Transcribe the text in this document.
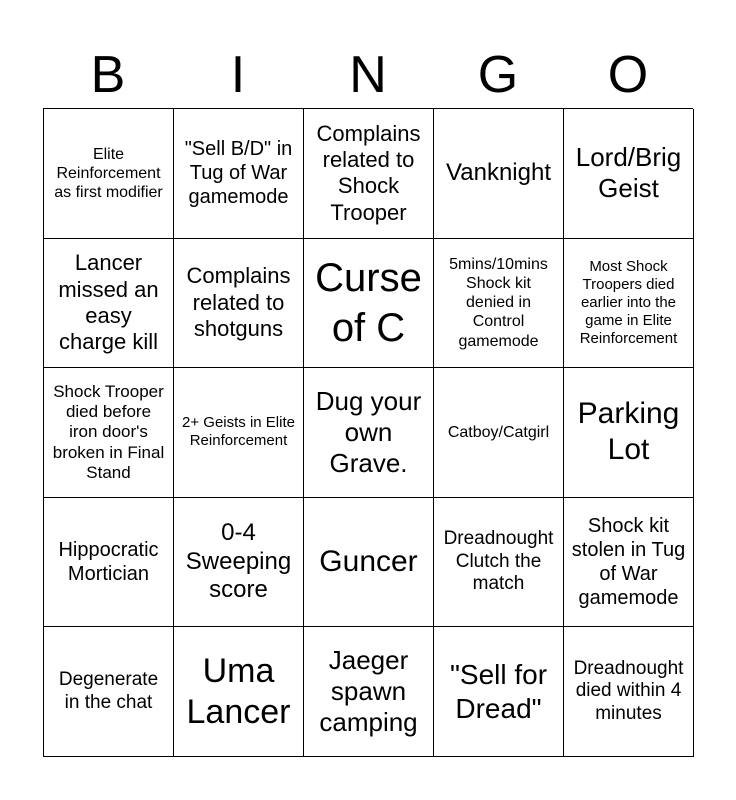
B	I	N	G	O
Elite Reinforcement as first modifier
"Sell B/D" in Tug of War gamemode
Complains related to Shock Trooper
Vanknight
Lord/Brig Geist
Lancer missed an easy charge kill
Complains related to shotguns
Curse of C
5mins/10mins Shock kit denied in Control gamemode
Most Shock Troopers died earlier into the game in Elite Reinforcement
Shock Trooper died before iron door's broken in Final Stand
2+ Geists in Elite Reinforcement
Dug your own Grave.
Catboy/Catgirl
Parking Lot
Hippocratic Mortician
0-4 Sweeping score
Guncer
Dreadnought Clutch the match
Shock kit stolen in Tug of War gamemode
Degenerate in the chat
Uma Lancer
Jaeger spawn camping
"Sell for Dread"
Dreadnought died within 4 minutes
